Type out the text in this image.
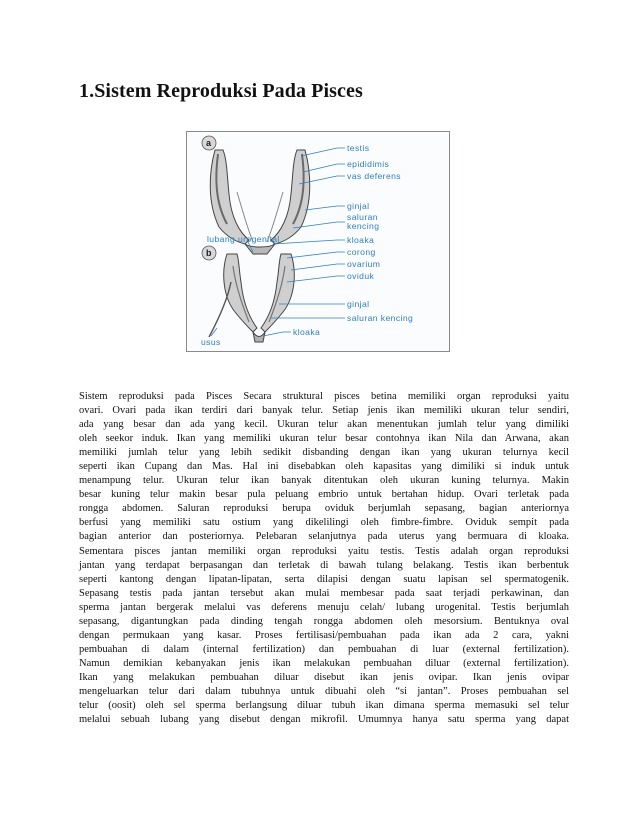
1.Sistem Reproduksi Pada Pisces
a	testis
epididimis
vas deferens
ginjal
saluran
kencing
lubang urogenital	kloaka
b	corong
ovarium
oviduk
ginjal
saluran kencing
kloaka
usus
Sistem reproduksi pada Pisces Secara struktural pisces betina memiliki organ reproduksi yaitu
ovari. Ovari pada ikan terdiri dari banyak telur. Setiap jenis ikan memiliki ukuran telur sendiri,
ada yang besar dan ada yang kecil. Ukuran telur akan menentukan jumlah telur yang dimiliki
oleh seekor induk. Ikan yang memiliki ukuran telur besar contohnya ikan Nila dan Arwana, akan
memiliki jumlah telur yang lebih sedikit disbanding dengan ikan yang ukuran telurnya kecil
seperti ikan Cupang dan Mas. Hal ini disebabkan oleh kapasitas yang dimiliki si induk untuk
menampung telur. Ukuran telur ikan banyak ditentukan oleh ukuran kuning telurnya. Makin
besar kuning telur makin besar pula peluang embrio untuk bertahan hidup. Ovari terletak pada
rongga abdomen. Saluran reproduksi berupa oviduk berjumlah sepasang, bagian anteriornya
berfusi yang memiliki satu ostium yang dikelilingi oleh fimbre-fimbre. Oviduk sempit pada
bagian anterior dan posteriornya. Pelebaran selanjutnya pada uterus yang bermuara di kloaka.
Sementara pisces jantan memiliki organ reproduksi yaitu testis. Testis adalah organ reproduksi
jantan yang terdapat berpasangan dan terletak di bawah tulang belakang. Testis ikan berbentuk
seperti kantong dengan lipatan-lipatan, serta dilapisi dengan suatu lapisan sel spermatogenik.
Sepasang testis pada jantan tersebut akan mulai membesar pada saat terjadi perkawinan, dan
sperma jantan bergerak melalui vas deferens menuju celah/ lubang urogenital. Testis berjumlah
sepasang, digantungkan pada dinding tengah rongga abdomen oleh mesorsium. Bentuknya oval
dengan permukaan yang kasar. Proses fertilisasi/pembuahan pada ikan ada 2 cara, yakni
pembuahan di dalam (internal fertilization) dan pembuahan di luar (external fertilization).
Namun demikian kebanyakan jenis ikan melakukan pembuahan diluar (external fertilization).
Ikan yang melakukan pembuahan diluar disebut ikan jenis ovipar. Ikan jenis ovipar
mengeluarkan telur dari dalam tubuhnya untuk dibuahi oleh “si jantan”. Proses pembuahan sel
telur (oosit) oleh sel sperma berlangsung diluar tubuh ikan dimana sperma memasuki sel telur
melalui sebuah lubang yang disebut dengan mikrofil. Umumnya hanya satu sperma yang dapat
